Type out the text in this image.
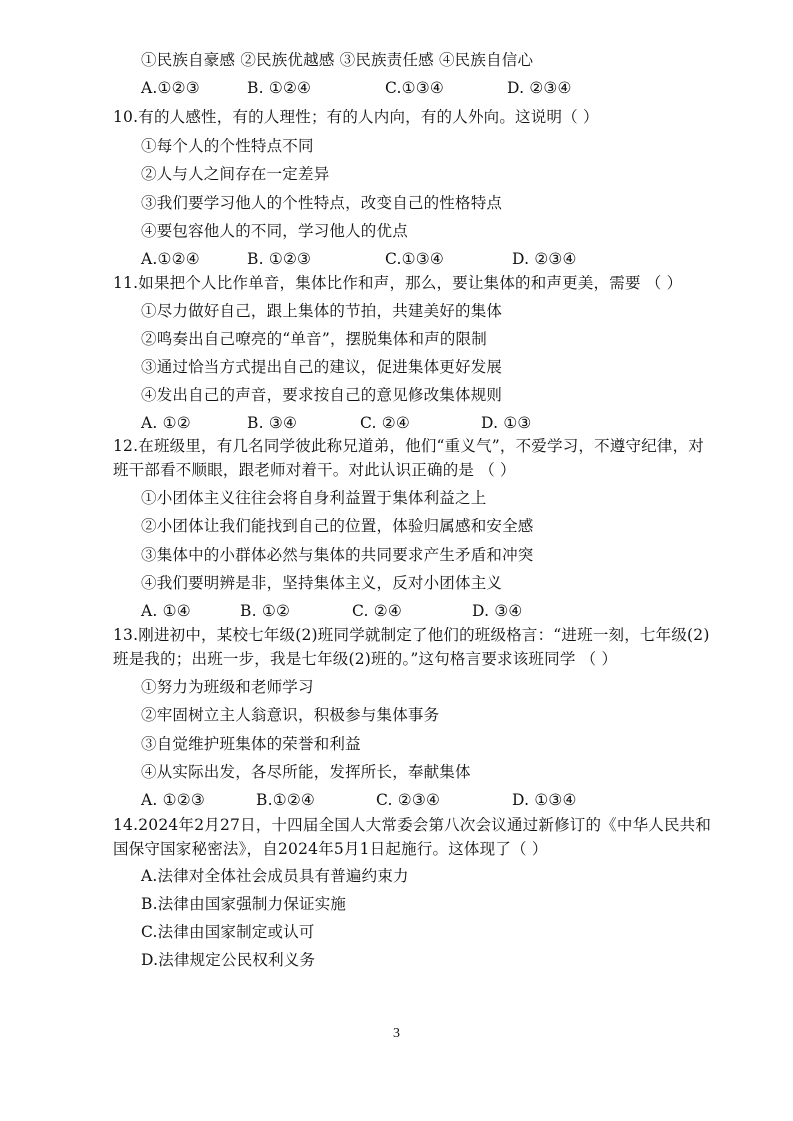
①民族自豪感 ②民族优越感 ③民族责任感 ④民族自信心
A.①②③	B. ①②④	C.①③④	D. ②③④
10.有的人感性，有的人理性；有的人内向，有的人外向。这说明（ ）
①每个人的个性特点不同
②人与人之间存在一定差异
③我们要学习他人的个性特点，改变自己的性格特点
④要包容他人的不同，学习他人的优点
A.①②④	B. ①②③	C.①③④	D. ②③④
11.如果把个人比作单音，集体比作和声，那么，要让集体的和声更美，需要 （ ）
①尽力做好自己，跟上集体的节拍，共建美好的集体
②鸣奏出自己嘹亮的“单音”，摆脱集体和声的限制
③通过恰当方式提出自己的建议，促进集体更好发展
④发出自己的声音，要求按自己的意见修改集体规则
A. ①②	B. ③④	C. ②④	D. ①③
12.在班级里，有几名同学彼此称兄道弟，他们“重义气”，不爱学习，不遵守纪律，对
班干部看不顺眼，跟老师对着干。对此认识正确的是 （ ）
①小团体主义往往会将自身利益置于集体利益之上
②小团体让我们能找到自己的位置，体验归属感和安全感
③集体中的小群体必然与集体的共同要求产生矛盾和冲突
④我们要明辨是非，坚持集体主义，反对小团体主义
A. ①④	B. ①②	C. ②④	D. ③④
13.刚进初中，某校七年级(2)班同学就制定了他们的班级格言：“进班一刻，七年级(2)
班是我的；出班一步，我是七年级(2)班的。”这句格言要求该班同学 （ ）
①努力为班级和老师学习
②牢固树立主人翁意识，积极参与集体事务
③自觉维护班集体的荣誉和利益
④从实际出发，各尽所能，发挥所长，奉献集体
A. ①②③	B.①②④	C. ②③④	D. ①③④
14.2024年2月27日，十四届全国人大常委会第八次会议通过新修订的《中华人民共和
国保守国家秘密法》，自2024年5月1日起施行。这体现了（ ）
A.法律对全体社会成员具有普遍约束力
B.法律由国家强制力保证实施
C.法律由国家制定或认可
D.法律规定公民权利义务
3
